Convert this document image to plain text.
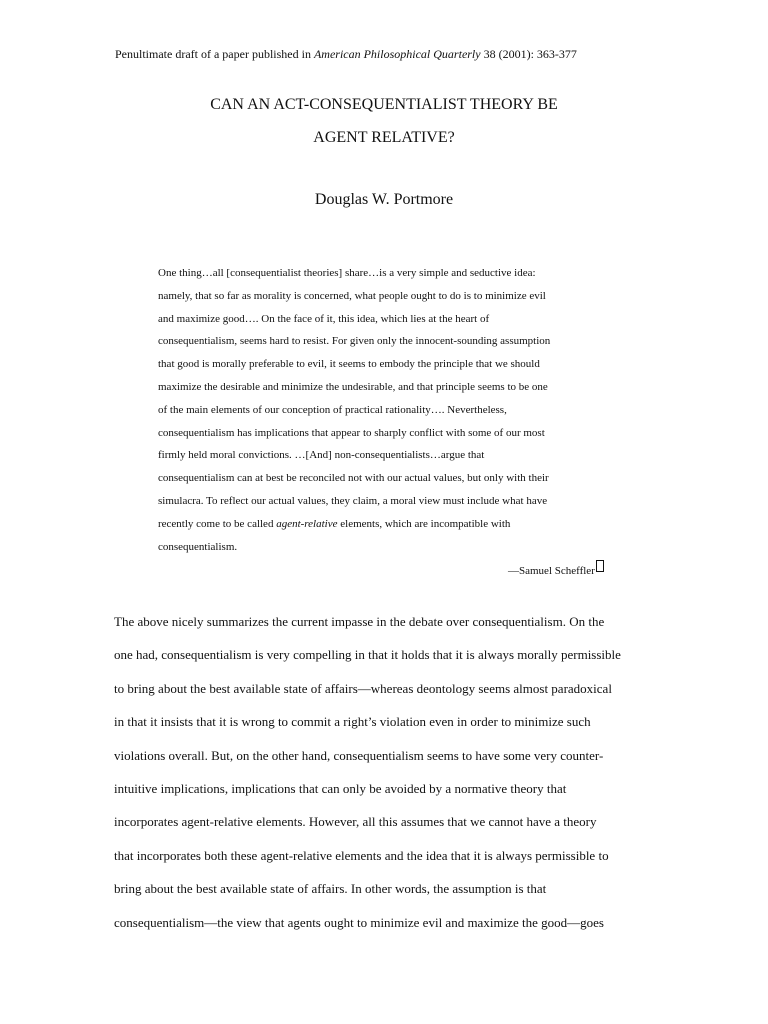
Penultimate draft of a paper published in American Philosophical Quarterly 38 (2001): 363-377
CAN AN ACT-CONSEQUENTIALIST THEORY BE
AGENT RELATIVE?
Douglas W. Portmore
One thing…all [consequentialist theories] share…is a very simple and seductive idea:
namely, that so far as morality is concerned, what people ought to do is to minimize evil
and maximize good…. On the face of it, this idea, which lies at the heart of
consequentialism, seems hard to resist. For given only the innocent-sounding assumption
that good is morally preferable to evil, it seems to embody the principle that we should
maximize the desirable and minimize the undesirable, and that principle seems to be one
of the main elements of our conception of practical rationality…. Nevertheless,
consequentialism has implications that appear to sharply conflict with some of our most
firmly held moral convictions. …[And] non-consequentialists…argue that
consequentialism can at best be reconciled not with our actual values, but only with their
simulacra. To reflect our actual values, they claim, a moral view must include what have
recently come to be called agent-relative elements, which are incompatible with
consequentialism.
—Samuel Scheffler
The above nicely summarizes the current impasse in the debate over consequentialism. On the
one had, consequentialism is very compelling in that it holds that it is always morally permissible
to bring about the best available state of affairs—whereas deontology seems almost paradoxical
in that it insists that it is wrong to commit a right’s violation even in order to minimize such
violations overall. But, on the other hand, consequentialism seems to have some very counter-
intuitive implications, implications that can only be avoided by a normative theory that
incorporates agent-relative elements. However, all this assumes that we cannot have a theory
that incorporates both these agent-relative elements and the idea that it is always permissible to
bring about the best available state of affairs. In other words, the assumption is that
consequentialism—the view that agents ought to minimize evil and maximize the good—goes
